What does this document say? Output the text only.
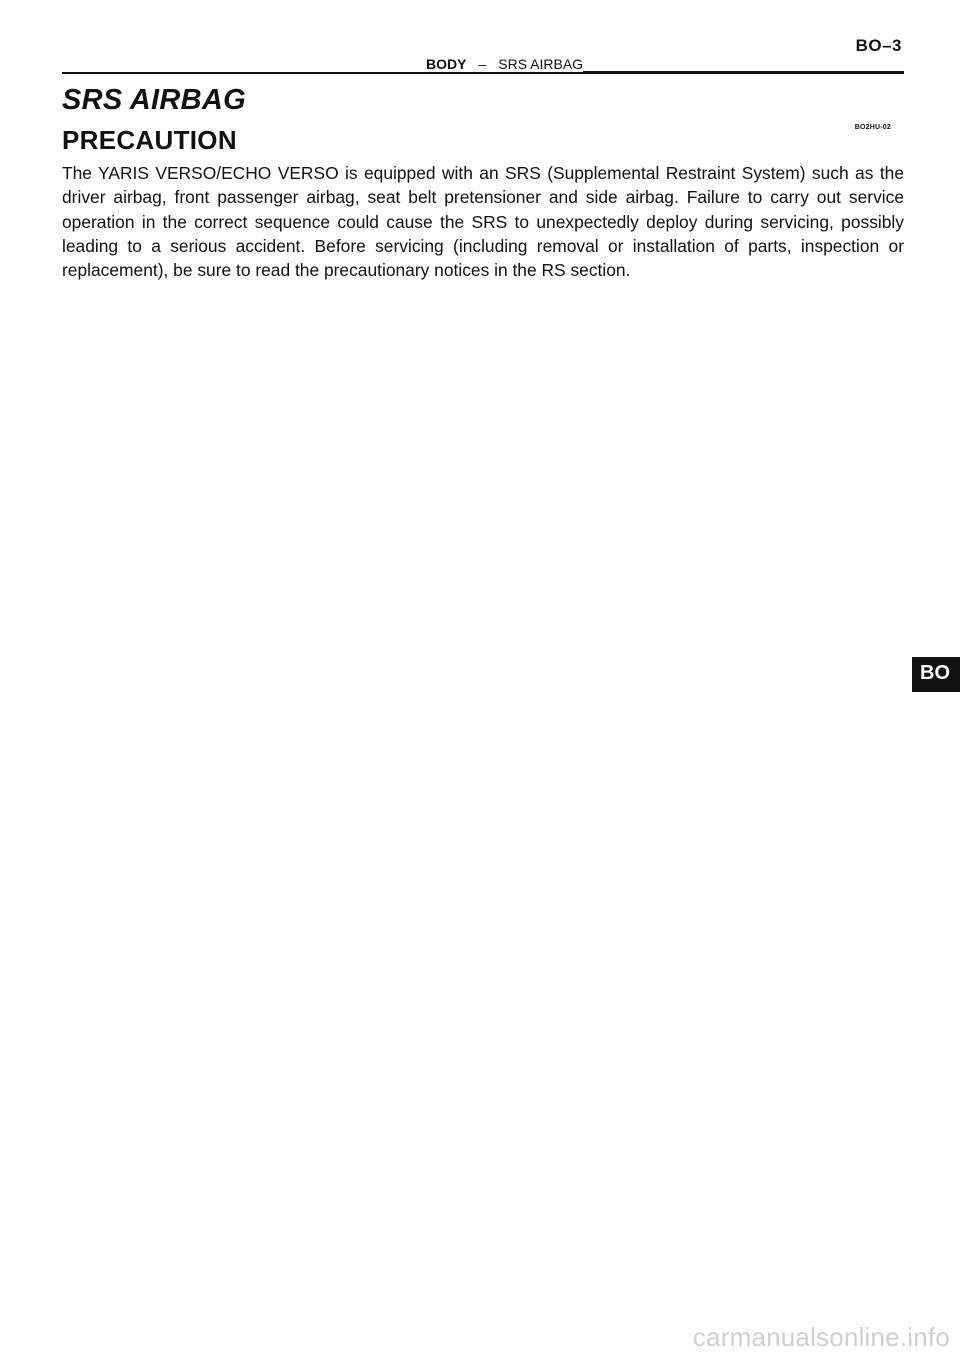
BO–3
BODY – SRS AIRBAG
SRS AIRBAG
BO2HU-02
PRECAUTION

The YARIS VERSO/ECHO VERSO is equipped with an SRS (Supplemental Restraint System) such as the driver airbag, front passenger airbag, seat belt pretensioner and side airbag. Failure to carry out service operation in the correct sequence could cause the SRS to unexpectedly deploy during servicing, possibly leading to a serious accident. Before servicing (including removal or installation of parts, inspection or replacement), be sure to read the precautionary notices in the RS section.

BO
carmanualsonline.info
